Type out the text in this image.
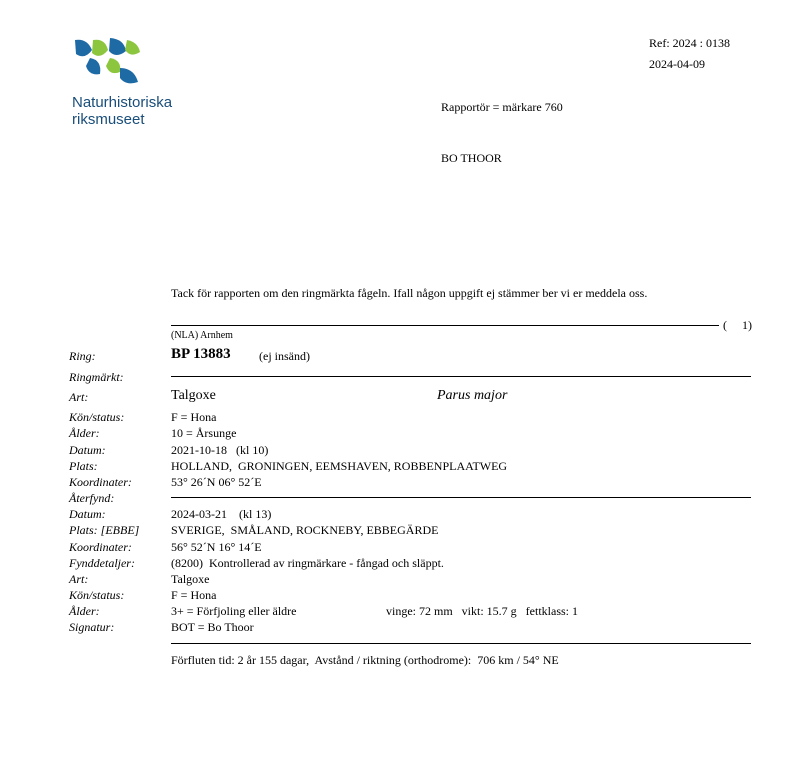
Naturhistoriska
riksmuseet
Ref: 2024 : 0138
2024-04-09
Rapportör = märkare 760
BO THOOR
Tack för rapporten om den ringmärkta fågeln. Ifall någon uppgift ej stämmer ber vi er meddela oss.
(     1)
(NLA) Arnhem
Ring:	BP 13883 (ej insänd)
Ringmärkt:
Art:	Talgoxe	Parus major
Kön/status:	F = Hona
Ålder:	10 = Årsunge
Datum:	2021-10-18   (kl 10)
Plats:	HOLLAND,  GRONINGEN, EEMSHAVEN, ROBBENPLAATWEG
Koordinater:	53° 26´N 06° 52´E
Återfynd:
Datum:	2024-03-21    (kl 13)
Plats: [EBBE]	SVERIGE,  SMÅLAND, ROCKNEBY, EBBEGÄRDE
Koordinater:	56° 52´N 16° 14´E
Fynddetaljer:	(8200)  Kontrollerad av ringmärkare - fångad och släppt.
Art:	Talgoxe
Kön/status:	F = Hona
Ålder:	3+ = Förfjoling eller äldre	vinge: 72 mm   vikt: 15.7 g   fettklass: 1
Signatur:	BOT = Bo Thoor
Förfluten tid: 2 år 155 dagar,  Avstånd / riktning (orthodrome):  706 km / 54° NE
